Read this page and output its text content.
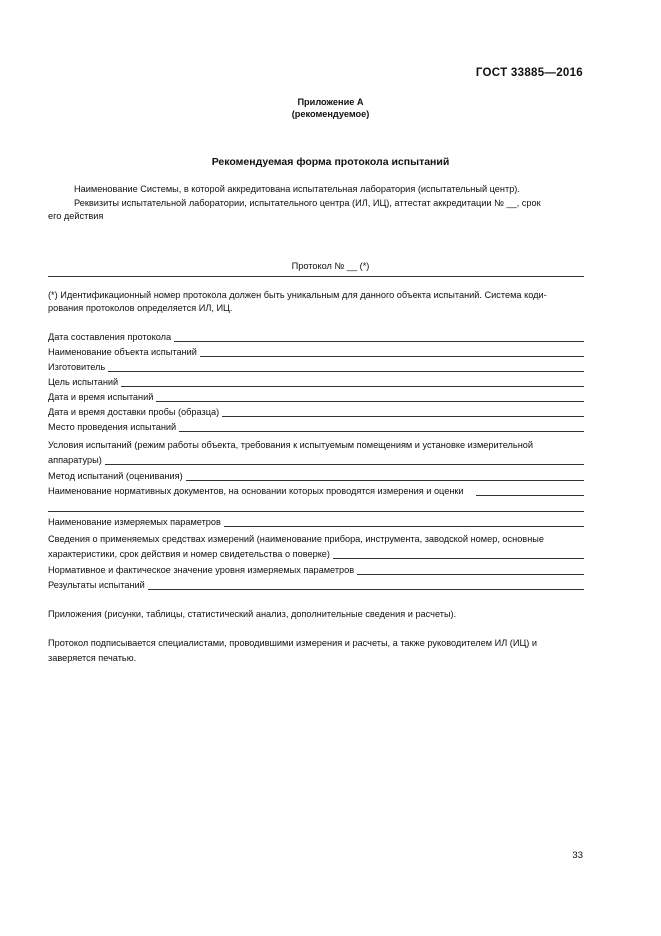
ГОСТ 33885—2016
Приложение А
(рекомендуемое)
Рекомендуемая форма протокола испытаний
Наименование Системы, в которой аккредитована испытательная лаборатория (испытательный центр).
Реквизиты испытательной лаборатории, испытательного центра (ИЛ, ИЦ), аттестат аккредитации № __, срок
его действия
Протокол № __ (*)
(*) Идентификационный номер протокола должен быть уникальным для данного объекта испытаний. Система коди-
рования протоколов определяется ИЛ, ИЦ.
Дата составления протокола
Наименование объекта испытаний
Изготовитель
Цель испытаний
Дата и время испытаний
Дата и время доставки пробы (образца)
Место проведения испытаний
Условия испытаний (режим работы объекта, требования к испытуемым помещениям и установке измерительной
аппаратуры)
Метод испытаний (оценивания)
Наименование нормативных документов, на основании которых проводятся измерения и оценки
Наименование измеряемых параметров
Сведения о применяемых средствах измерений (наименование прибора, инструмента, заводской номер, основные
характеристики, срок действия и номер свидетельства о поверке)
Нормативное и фактическое значение уровня измеряемых параметров
Результаты испытаний
Приложения (рисунки, таблицы, статистический анализ, дополнительные сведения и расчеты).
Протокол подписывается специалистами, проводившими измерения и расчеты, а также руководителем ИЛ (ИЦ) и
заверяется печатью.
33
